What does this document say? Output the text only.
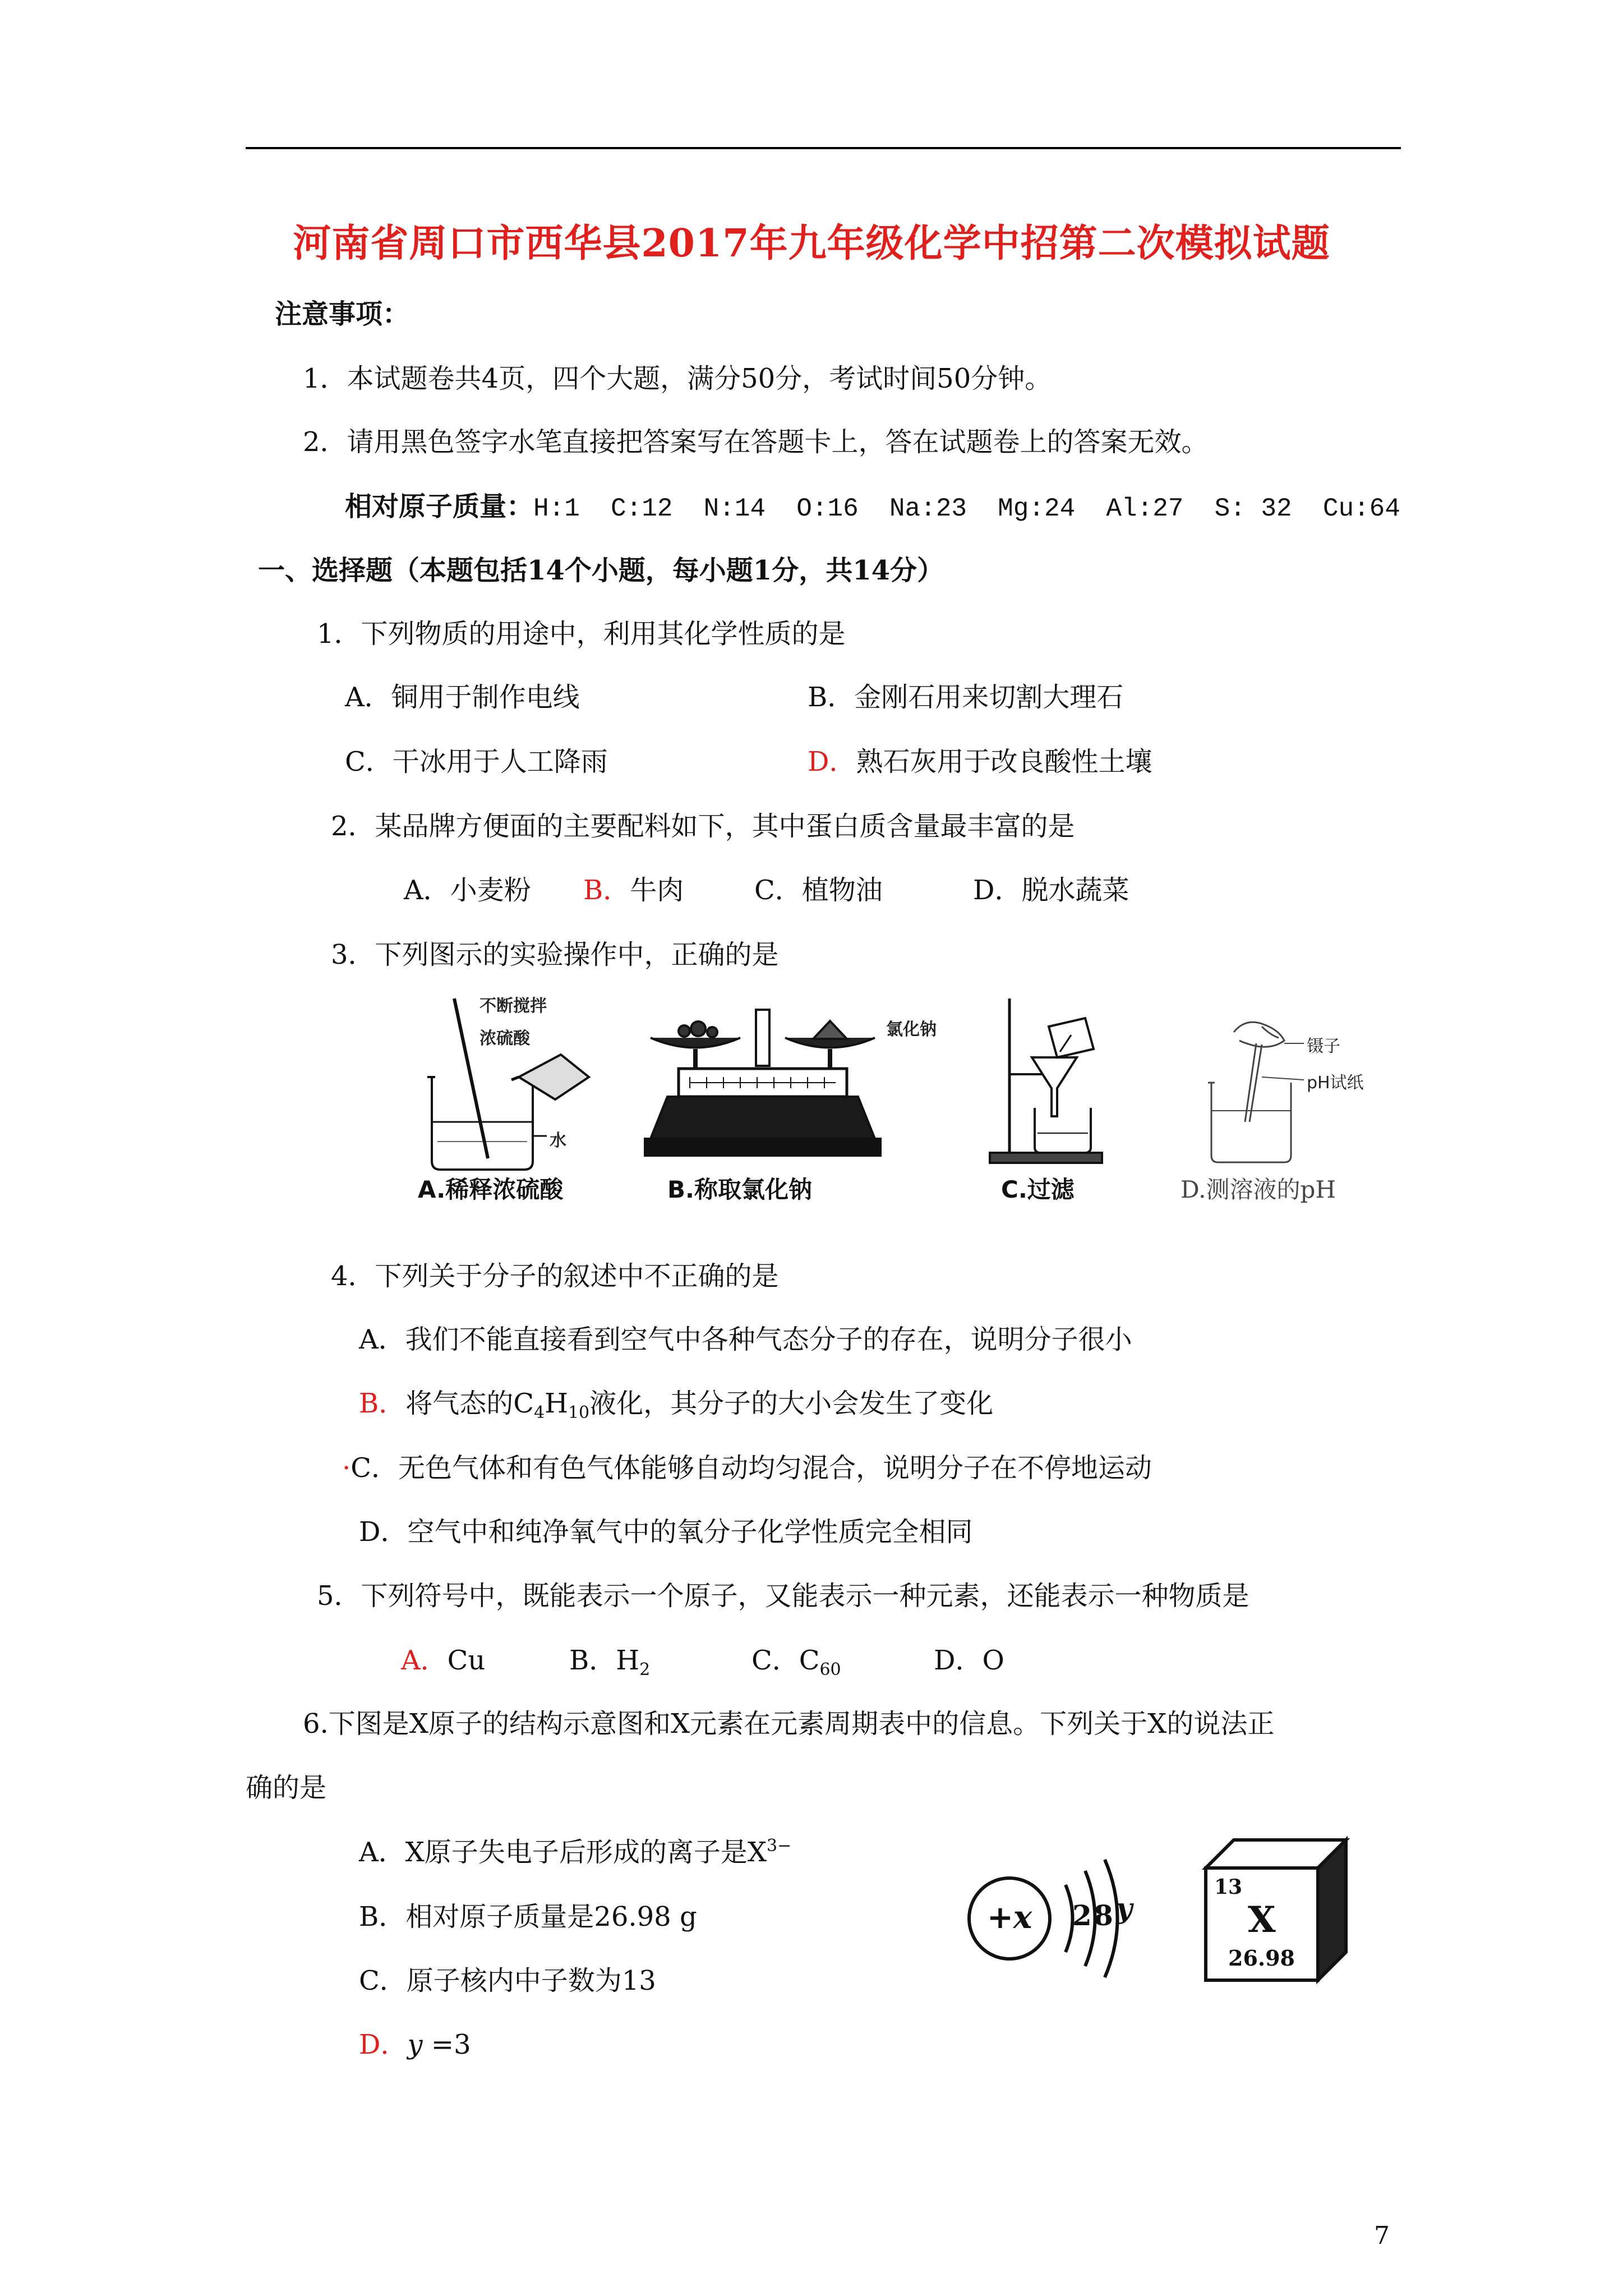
河南省周口市西华县2017年九年级化学中招第二次模拟试题
注意事项：
1．本试题卷共4页，四个大题，满分50分，考试时间50分钟。
2．请用黑色签字水笔直接把答案写在答题卡上，答在试题卷上的答案无效。
相对原子质量：H:1  C:12  N:14  O:16  Na:23  Mg:24  Al:27  S: 32  Cu:64
一、选择题（本题包括14个小题，每小题1分，共14分）
1．下列物质的用途中，利用其化学性质的是
A．铜用于制作电线	B．金刚石用来切割大理石
C．干冰用于人工降雨	D．熟石灰用于改良酸性土壤
2．某品牌方便面的主要配料如下，其中蛋白质含量最丰富的是
A．小麦粉 B．牛肉	C．植物油	D．脱水蔬菜
3．下列图示的实验操作中，正确的是
不断搅拌
浓硫酸
水
A.稀释浓硫酸
氯化钠
B.称取氯化钠	C.过滤
镊子
pH试纸
D.测溶液的pH
4．下列关于分子的叙述中不正确的是
A．我们不能直接看到空气中各种气态分子的存在，说明分子很小
B．将气态的$C_4H_{10}$液化，其分子的大小会发生了变化
·C．无色气体和有色气体能够自动均匀混合，说明分子在不停地运动
D．空气中和纯净氧气中的氧分子化学性质完全相同
5．下列符号中，既能表示一个原子，又能表示一种元素，还能表示一种物质是
A．Cu	B．$H_2$	C．$C_{60}$	D．O
6.下图是X原子的结构示意图和X元素在元素周期表中的信息。下列关于X的说法正
确的是
A．X原子失电子后形成的离子是$X^{3-}$
B．相对原子质量是26.98 g
C．原子核内中子数为13
D．y =3
+x 2 8 y
13
X
26.98
7
